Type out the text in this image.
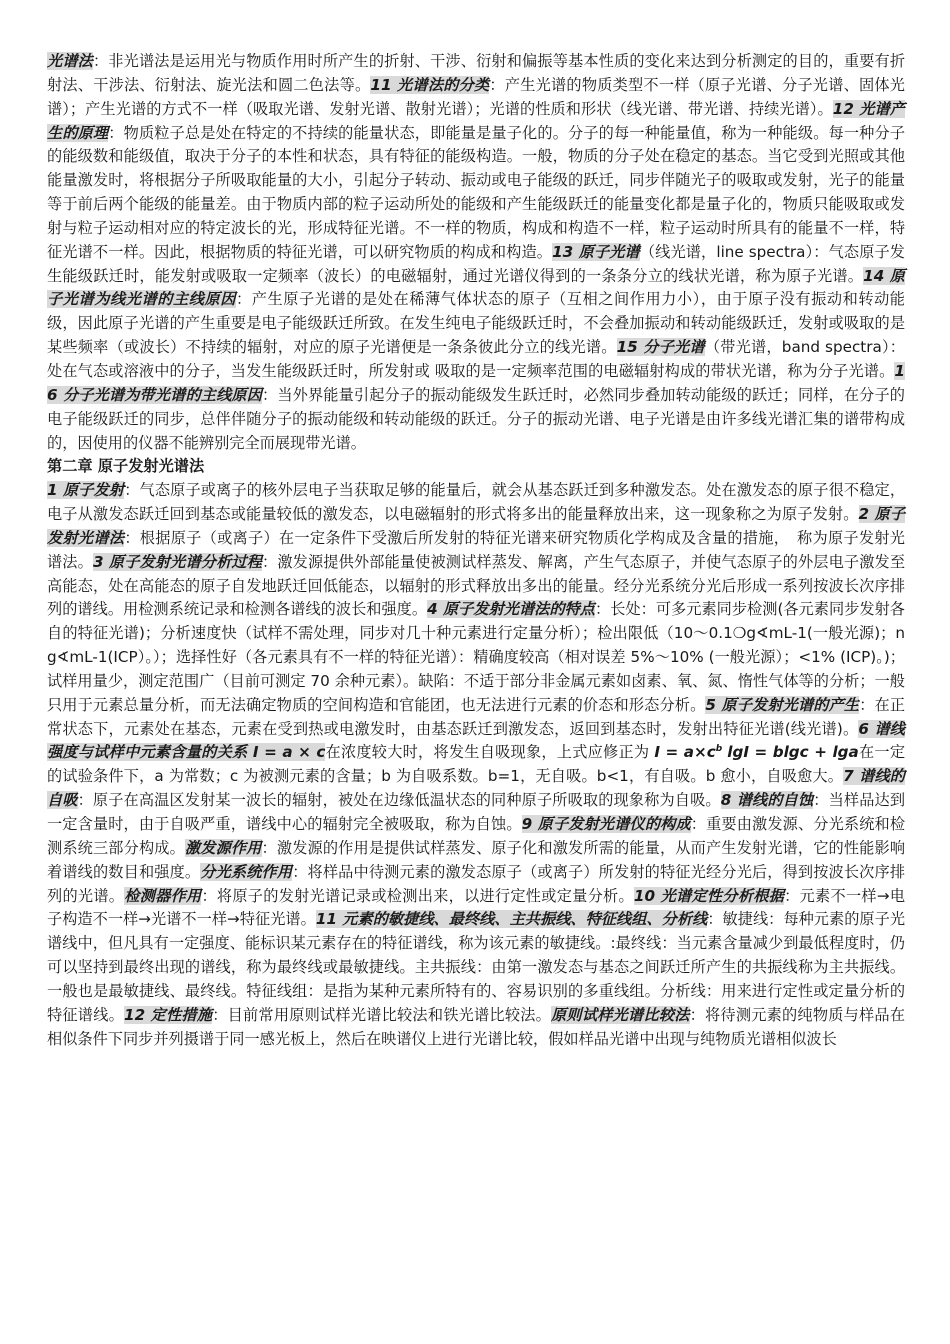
光谱法：非光谱法是运用光与物质作用时所产生的折射、干涉、衍射和偏振等基本性质的变化来达到分析测定的目的，重要有折射法、干涉法、衍射法、旋光法和圆二色法等。11 光谱法的分类：产生光谱的物质类型不一样（原子光谱、分子光谱、固体光谱）；产生光谱的方式不一样（吸取光谱、发射光谱、散射光谱）；光谱的性质和形状（线光谱、带光谱、持续光谱）。12 光谱产生的原理：物质粒子总是处在特定的不持续的能量状态，即能量是量子化的。分子的每一种能量值，称为一种能级。每一种分子的能级数和能级值，取决于分子的本性和状态，具有特征的能级构造。一般，物质的分子处在稳定的基态。当它受到光照或其他能量激发时，将根据分子所吸取能量的大小，引起分子转动、振动或电子能级的跃迁，同步伴随光子的吸取或发射，光子的能量等于前后两个能级的能量差。由于物质内部的粒子运动所处的能级和产生能级跃迁的能量变化都是量子化的，物质只能吸取或发射与粒子运动相对应的特定波长的光，形成特征光谱。不一样的物质，构成和构造不一样，粒子运动时所具有的能量不一样，特征光谱不一样。因此，根据物质的特征光谱，可以研究物质的构成和构造。13 原子光谱（线光谱，line spectra）：气态原子发生能级跃迁时，能发射或吸取一定频率（波长）的电磁辐射，通过光谱仪得到的一条条分立的线状光谱，称为原子光谱。14 原子光谱为线光谱的主线原因：产生原子光谱的是处在稀薄气体状态的原子（互相之间作用力小），由于原子没有振动和转动能级，因此原子光谱的产生重要是电子能级跃迁所致。在发生纯电子能级跃迁时，不会叠加振动和转动能级跃迁，发射或吸取的是某些频率（或波长）不持续的辐射，对应的原子光谱便是一条条彼此分立的线光谱。15 分子光谱（带光谱，band spectra）：处在气态或溶液中的分子，当发生能级跃迁时，所发射或 吸取的是一定频率范围的电磁辐射构成的带状光谱，称为分子光谱。16 分子光谱为带光谱的主线原因：当外界能量引起分子的振动能级发生跃迁时，必然同步叠加转动能级的跃迁；同样，在分子的电子能级跃迁的同步，总伴伴随分子的振动能级和转动能级的跃迁。分子的振动光谱、电子光谱是由许多线光谱汇集的谱带构成的，因使用的仪器不能辨别完全而展现带光谱。

第二章 原子发射光谱法

1 原子发射：气态原子或离子的核外层电子当获取足够的能量后，就会从基态跃迁到多种激发态。处在激发态的原子很不稳定，电子从激发态跃迁回到基态或能量较低的激发态，以电磁辐射的形式将多出的能量释放出来，这一现象称之为原子发射。2 原子发射光谱法：根据原子（或离子）在一定条件下受激后所发射的特征光谱来研究物质化学构成及含量的措施，　称为原子发射光谱法。3 原子发射光谱分析过程：激发源提供外部能量使被测试样蒸发、解离，产生气态原子，并使气态原子的外层电子激发至高能态，处在高能态的原子自发地跃迁回低能态，以辐射的形式释放出多出的能量。经分光系统分光后形成一系列按波长次序排列的谱线。用检测系统记录和检测各谱线的波长和强度。4 原子发射光谱法的特点：长处：可多元素同步检测(各元素同步发射各自的特征光谱)；分析速度快（试样不需处理，同步对几十种元素进行定量分析）；检出限低（10～0.1❍g∢mL-1(一般光源)；ng∢mL-1(ICP）。）；选择性好（各元素具有不一样的特征光谱）：精确度较高（相对误差 5%～10% (一般光源）；<1% (ICP)。)；试样用量少，测定范围广（目前可测定 70 余种元素）。缺陷：不适于部分非金属元素如卤素、氧、氮、惰性气体等的分析；一般只用于元素总量分析，而无法确定物质的空间构造和官能团，也无法进行元素的价态和形态分析。5 原子发射光谱的产生：在正常状态下，元素处在基态，元素在受到热或电激发时，由基态跃迁到激发态，返回到基态时，发射出特征光谱(线光谱)。6 谱线强度与试样中元素含量的关系 I = a × c在浓度较大时，将发生自吸现象，上式应修正为 $I = a\times c^b$ lgI = blgc + lga在一定的试验条件下，a 为常数；c 为被测元素的含量；b 为自吸系数。b=1，无自吸。b<1，有自吸。b 愈小，自吸愈大。7 谱线的自吸：原子在高温区发射某一波长的辐射，被处在边缘低温状态的同种原子所吸取的现象称为自吸。8 谱线的自蚀：当样品达到一定含量时，由于自吸严重，谱线中心的辐射完全被吸取，称为自蚀。9 原子发射光谱仪的构成：重要由激发源、分光系统和检测系统三部分构成。激发源作用：激发源的作用是提供试样蒸发、原子化和激发所需的能量，从而产生发射光谱，它的性能影响着谱线的数目和强度。分光系统作用：将样品中待测元素的激发态原子（或离子）所发射的特征光经分光后，得到按波长次序排列的光谱。检测器作用：将原子的发射光谱记录或检测出来，以进行定性或定量分析。10 光谱定性分析根据：元素不一样→电子构造不一样→光谱不一样→特征光谱。11 元素的敏捷线、最终线、主共振线、特征线组、分析线：敏捷线：每种元素的原子光谱线中，但凡具有一定强度、能标识某元素存在的特征谱线，称为该元素的敏捷线。:最终线：当元素含量减少到最低程度时，仍可以坚持到最终出现的谱线，称为最终线或最敏捷线。主共振线：由第一激发态与基态之间跃迁所产生的共振线称为主共振线。一般也是最敏捷线、最终线。特征线组：是指为某种元素所特有的、容易识别的多重线组。分析线：用来进行定性或定量分析的特征谱线。12 定性措施：目前常用原则试样光谱比较法和铁光谱比较法。原则试样光谱比较法：将待测元素的纯物质与样品在相似条件下同步并列摄谱于同一感光板上，然后在映谱仪上进行光谱比较，假如样品光谱中出现与纯物质光谱相似波长
